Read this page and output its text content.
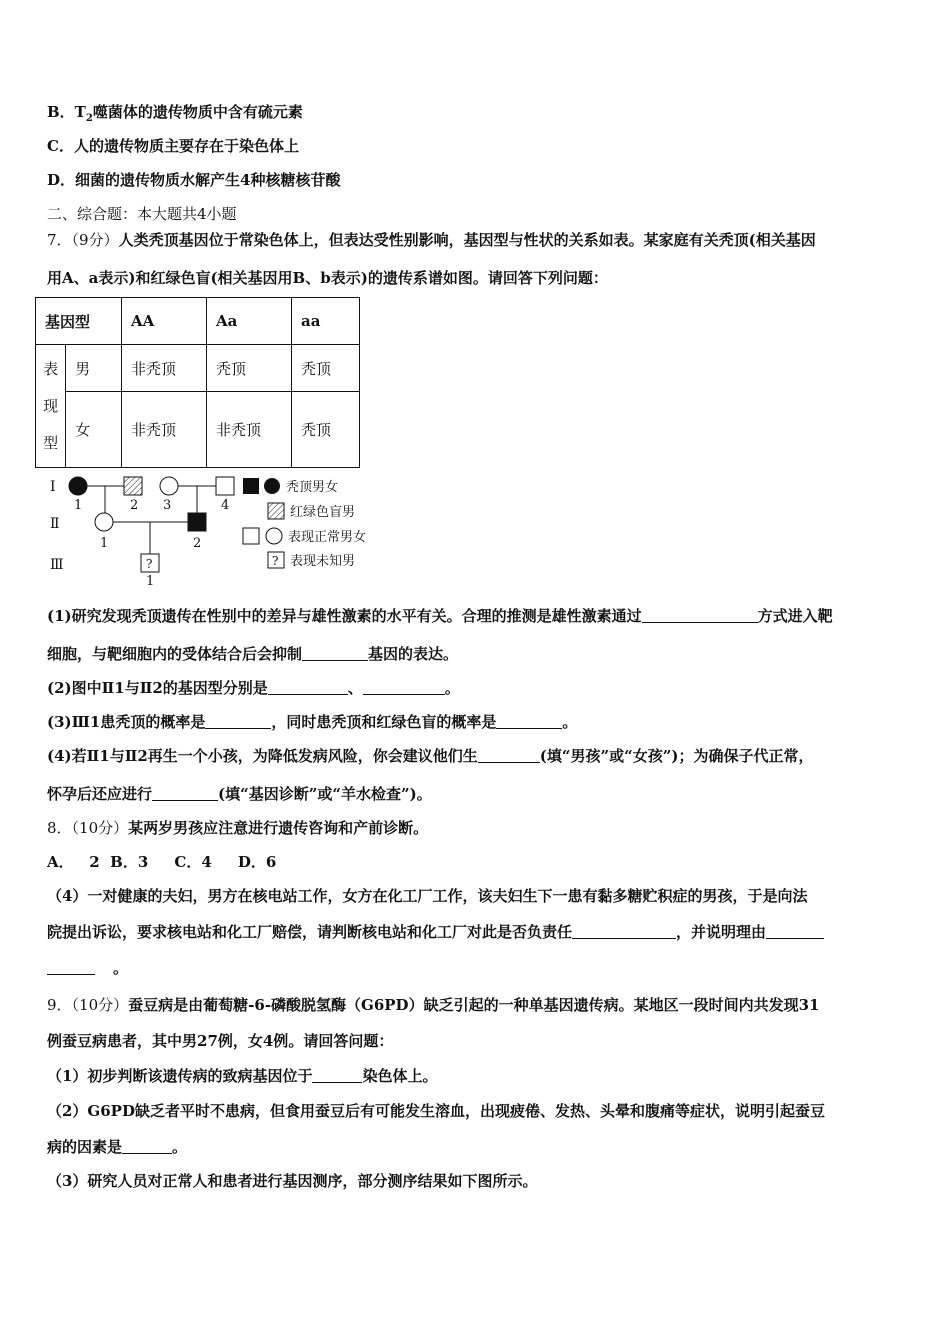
B．$T_2$噬菌体的遗传物质中含有硫元素
C．人的遗传物质主要存在于染色体上
D．细菌的遗传物质水解产生4种核糖核苷酸
二、综合题：本大题共4小题
7．（9分）人类秃顶基因位于常染色体上，但表达受性别影响，基因型与性状的关系如表。某家庭有关秃顶(相关基因
用A、a表示)和红绿色盲(相关基因用B、b表示)的遗传系谱如图。请回答下列问题：
基因型		AA	Aa	aa
表
现
型	男	非秃顶	秃顶	秃顶
	女	非秃顶	非秃顶	秃顶
Ⅰ
Ⅱ
Ⅲ
1	2 3	4
1	2
?
1
秃顶男女
红绿色盲男
表现正常男女
? 表现未知男
(1)研究发现秃顶遗传在性别中的差异与雄性激素的水平有关。合理的推测是雄性激素通过	方式进入靶
细胞，与靶细胞内的受体结合后会抑制	基因的表达。
(2)图中Ⅱ1与Ⅱ2的基因型分别是	、	。
(3)Ⅲ1患秃顶的概率是	，同时患秃顶和红绿色盲的概率是	。
(4)若Ⅱ1与Ⅱ2再生一个小孩，为降低发病风险，你会建议他们生	(填“男孩”或“女孩”)；为确保子代正常，
怀孕后还应进行	(填“基因诊断”或“羊水检查”)。
8．（10分）某两岁男孩应注意进行遗传咨询和产前诊断。
A．   2  B．3     C．4     D．6
（4）一对健康的夫妇，男方在核电站工作，女方在化工厂工作，该夫妇生下一患有黏多糖贮积症的男孩，于是向法
院提出诉讼，要求核电站和化工厂赔偿，请判断核电站和化工厂对此是否负责任	，并说明理由
。
9．（10分）蚕豆病是由葡萄糖-6-磷酸脱氢酶（G6PD）缺乏引起的一种单基因遗传病。某地区一段时间内共发现31
例蚕豆病患者，其中男27例，女4例。请回答问题：
（1）初步判断该遗传病的致病基因位于	染色体上。
（2）G6PD缺乏者平时不患病，但食用蚕豆后有可能发生溶血，出现疲倦、发热、头晕和腹痛等症状，说明引起蚕豆
病的因素是	。
（3）研究人员对正常人和患者进行基因测序，部分测序结果如下图所示。
